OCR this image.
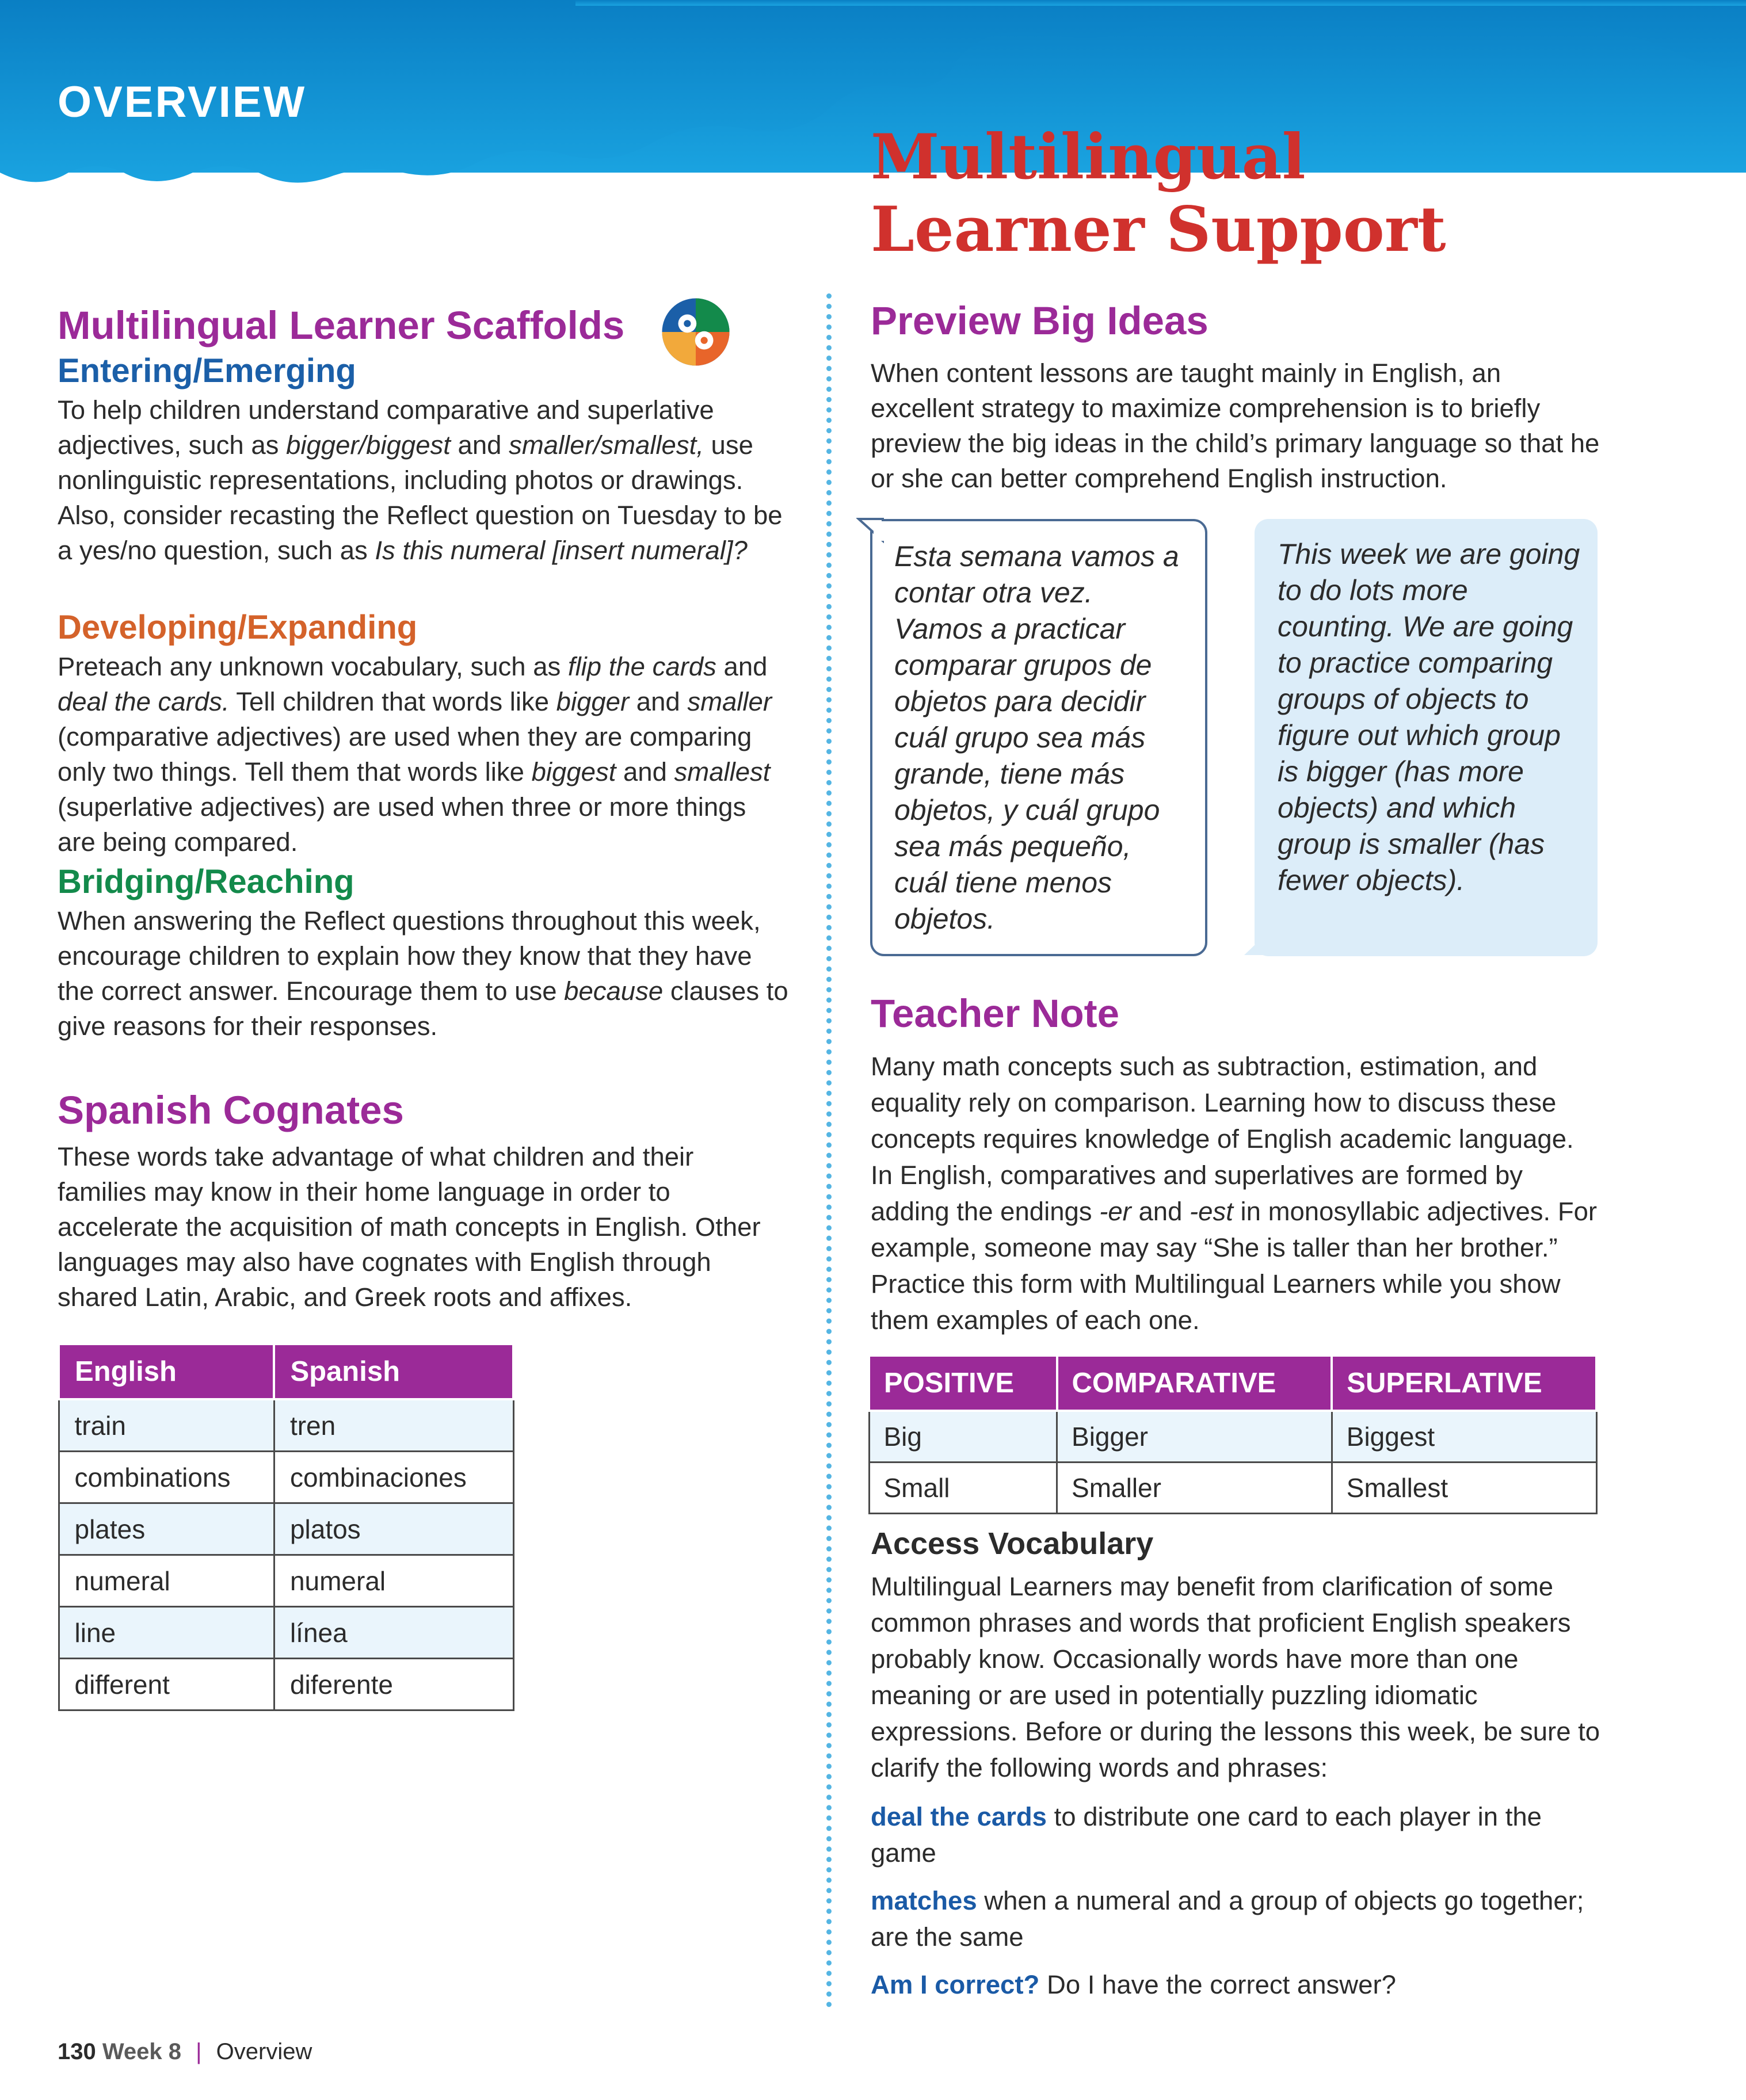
OVERVIEW
Multilingual
Learner Support
Multilingual Learner Scaffolds
Entering/Emerging

To help children understand comparative and superlative adjectives, such as bigger/biggest and smaller/smallest, use nonlinguistic representations, including photos or drawings. Also, consider recasting the Reflect question on Tuesday to be a yes/no question, such as Is this numeral [insert numeral]?

Developing/Expanding

Preteach any unknown vocabulary, such as flip the cards and deal the cards. Tell children that words like bigger and smaller (comparative adjectives) are used when they are comparing only two things. Tell them that words like biggest and smallest (superlative adjectives) are used when three or more things are being compared.

Bridging/Reaching

When answering the Reflect questions throughout this week, encourage children to explain how they know that they have the correct answer. Encourage them to use because clauses to give reasons for their responses.

Spanish Cognates
These words take advantage of what children and their families may know in their home language in order to accelerate the acquisition of math concepts in English. Other languages may also have cognates with English through shared Latin, Arabic, and Greek roots and affixes.
English	Spanish
train	tren
combinations	combinaciones
plates	platos
numeral	numeral
line	línea
different	diferente
Preview Big Ideas
When content lessons are taught mainly in English, an excellent strategy to maximize comprehension is to briefly preview the big ideas in the child’s primary language so that he or she can better comprehend English instruction.
Esta semana vamos a contar otra vez. Vamos a practicar comparar grupos de objetos para decidir cuál grupo sea más grande, tiene más objetos, y cuál grupo sea más pequeño, cuál tiene menos objetos.
This week we are going to do lots more counting. We are going to practice comparing groups of objects to figure out which group is bigger (has more objects) and which group is smaller (has fewer objects).
Teacher Note

Many math concepts such as subtraction, estimation, and equality rely on comparison. Learning how to discuss these concepts requires knowledge of English academic language. In English, comparatives and superlatives are formed by adding the endings -er and -est in monosyllabic adjectives. For example, someone may say “She is taller than her brother.” Practice this form with Multilingual Learners while you show them examples of each one.

POSITIVE	COMPARATIVE	SUPERLATIVE
Big	Bigger	Biggest
Small	Smaller	Smallest
Access Vocabulary
Multilingual Learners may benefit from clarification of some common phrases and words that proficient English speakers probably know. Occasionally words have more than one meaning or are used in potentially puzzling idiomatic expressions. Before or during the lessons this week, be sure to clarify the following words and phrases:
deal the cards to distribute one card to each player in the game
matches when a numeral and a group of objects go together; are the same
Am I correct? Do I have the correct answer?
130 Week 8 | Overview
